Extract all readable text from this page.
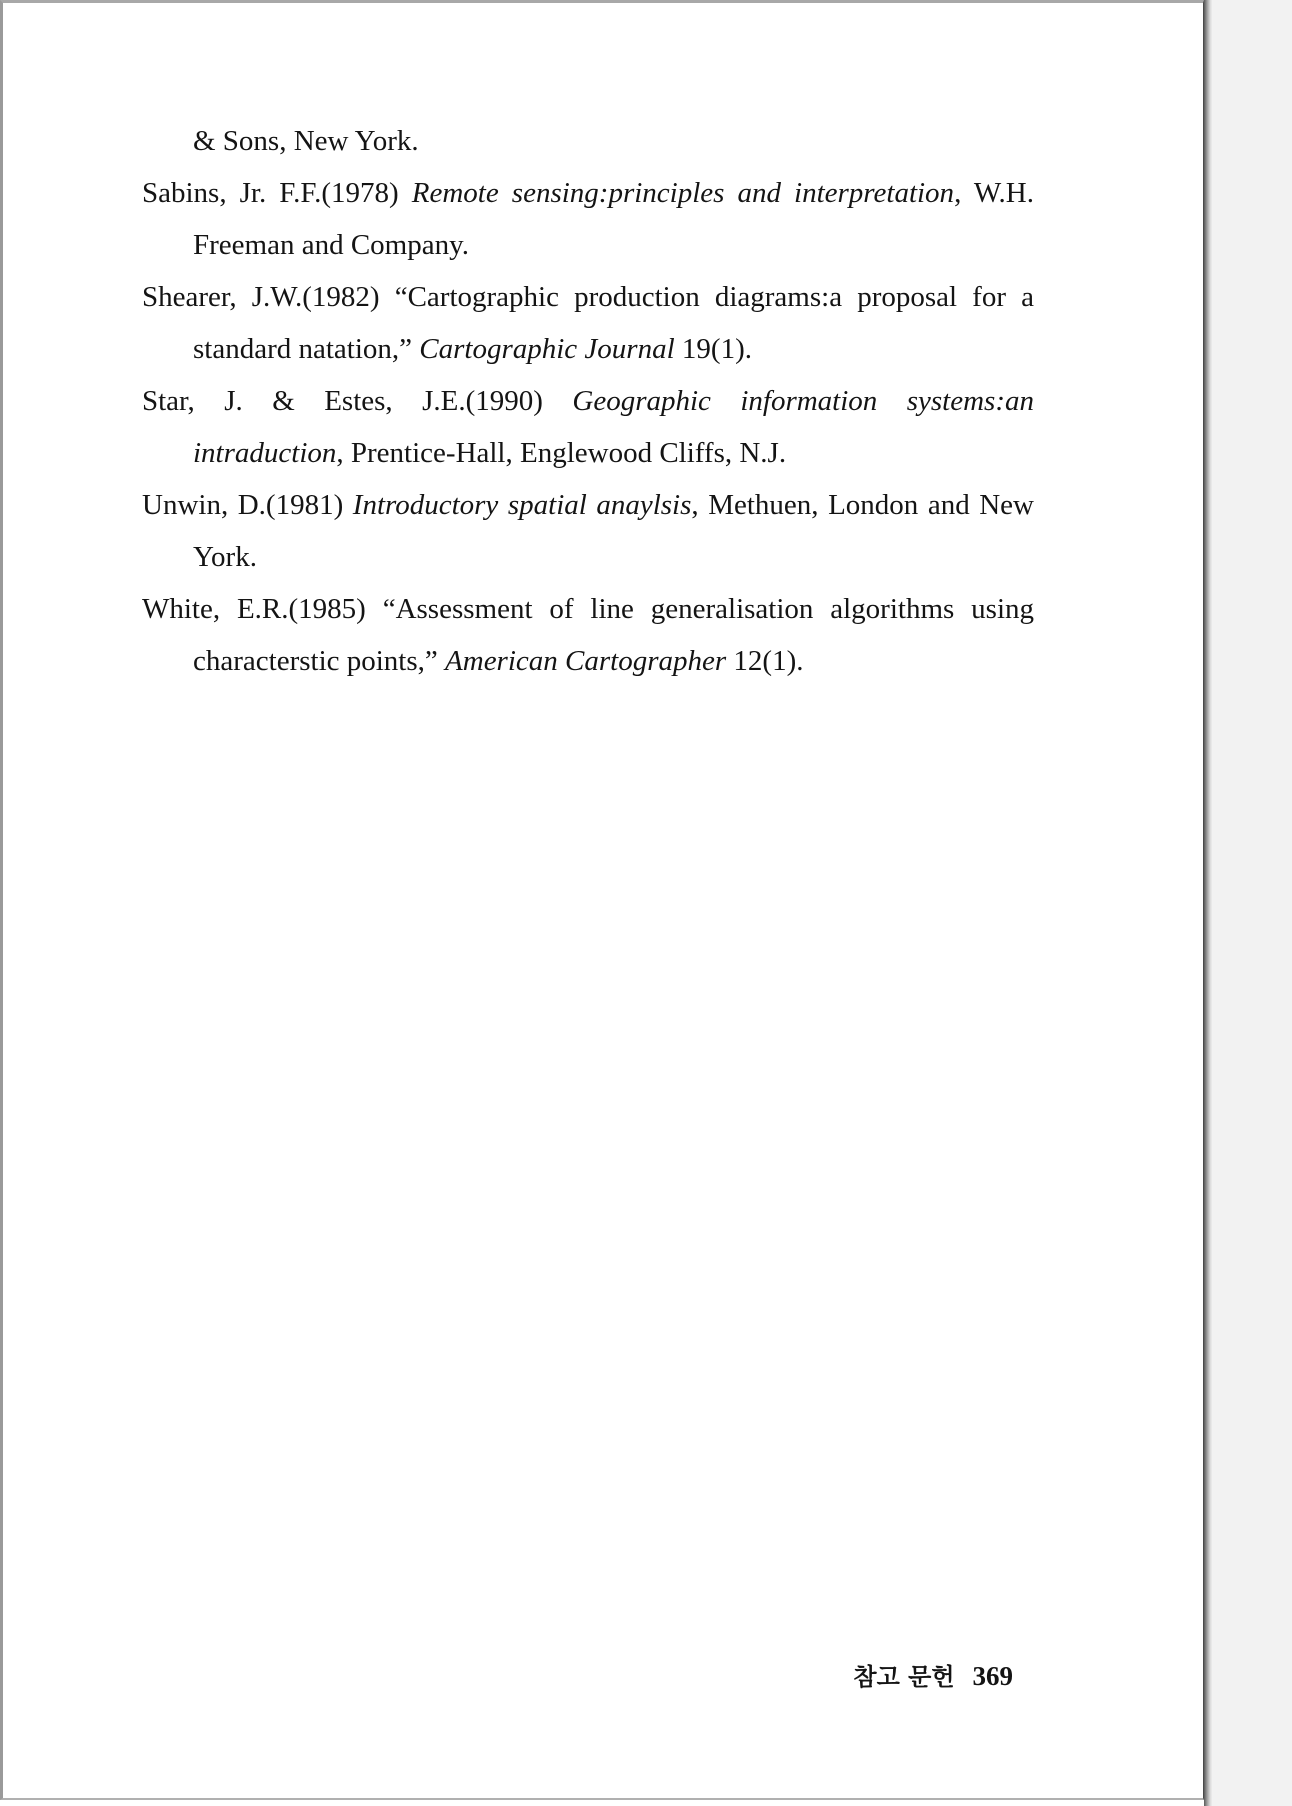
& Sons, New York.
Sabins, Jr. F.F.(1978) Remote sensing:principles and interpretation, W.H. Freeman and Company.
Shearer, J.W.(1982) “Cartographic production diagrams:a proposal for a standard natation,” Cartographic Journal 19(1).
Star, J. & Estes, J.E.(1990) Geographic information systems:an intraduction, Prentice-Hall, Englewood Cliffs, N.J.
Unwin, D.(1981) Introductory spatial anaylsis, Methuen, London and New York.
White, E.R.(1985) “Assessment of line generalisation algorithms using characterstic points,” American Cartographer 12(1).
참고 문헌 369
